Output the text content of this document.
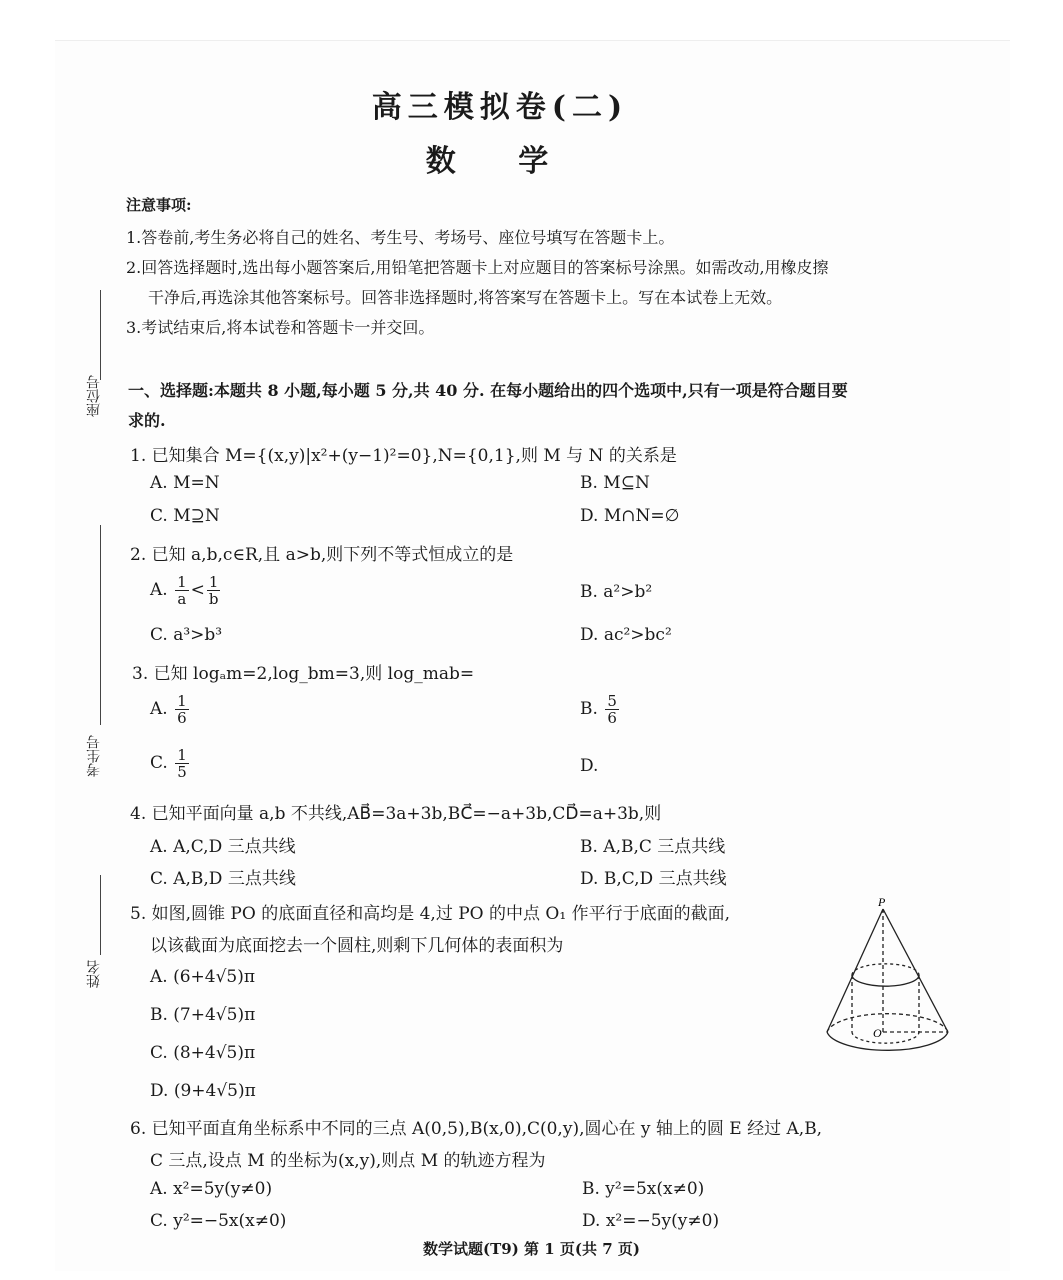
高三模拟卷(二)
数 学
座位号
考生号
姓名
注意事项:
1.答卷前,考生务必将自己的姓名、考生号、考场号、座位号填写在答题卡上。
2.回答选择题时,选出每小题答案后,用铅笔把答题卡上对应题目的答案标号涂黑。如需改动,用橡皮擦
干净后,再选涂其他答案标号。回答非选择题时,将答案写在答题卡上。写在本试卷上无效。
3.考试结束后,将本试卷和答题卡一并交回。
一、选择题:本题共 8 小题,每小题 5 分,共 40 分. 在每小题给出的四个选项中,只有一项是符合题目要
求的.
1. 已知集合 M={(x,y)|x²+(y−1)²=0},N={0,1},则 M 与 N 的关系是
A. M=N	B. M⊆N
C. M⊇N	D. M∩N=∅
2. 已知 a,b,c∈R,且 a>b,则下列不等式恒成立的是
A. $\frac{1}{a} < \frac{1}{b}$	B. a²>b²
C. a³>b³	D. ac²>bc²
3. 已知 logₐm=2,log_bm=3,则 log_mab=
A. $\frac{1}{6}$	B. $\frac{5}{6}$
C. $\frac{1}{5}$	D.
4. 已知平面向量 a,b 不共线,AB⃗=3a+3b,BC⃗=−a+3b,CD⃗=a+3b,则
A. A,C,D 三点共线	B. A,B,C 三点共线
C. A,B,D 三点共线	D. B,C,D 三点共线
5. 如图,圆锥 PO 的底面直径和高均是 4,过 PO 的中点 O₁ 作平行于底面的截面,
以该截面为底面挖去一个圆柱,则剩下几何体的表面积为
A. (6+4√5)π
B. (7+4√5)π
C. (8+4√5)π
D. (9+4√5)π
P
O
6. 已知平面直角坐标系中不同的三点 A(0,5),B(x,0),C(0,y),圆心在 y 轴上的圆 E 经过 A,B,
C 三点,设点 M 的坐标为(x,y),则点 M 的轨迹方程为
A. x²=5y(y≠0)	B. y²=5x(x≠0)
C. y²=−5x(x≠0)	D. x²=−5y(y≠0)
数学试题(T9) 第 1 页(共 7 页)
